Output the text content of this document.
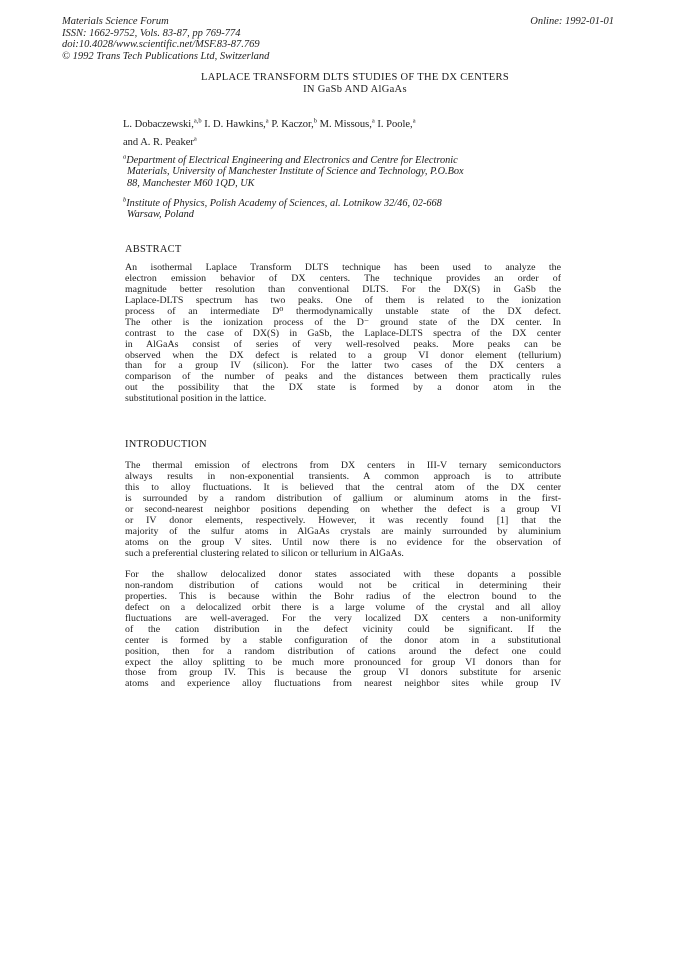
Materials Science Forum
ISSN: 1662-9752, Vols. 83-87, pp 769-774
doi:10.4028/www.scientific.net/MSF.83-87.769
© 1992 Trans Tech Publications Ltd, Switzerland
Online: 1992-01-01
LAPLACE TRANSFORM DLTS STUDIES OF THE DX CENTERS
IN GaSb AND AlGaAs
L. Dobaczewski,$^{a,b}$ I. D. Hawkins,$^a$ P. Kaczor,$^b$ M. Missous,$^a$ I. Poole,$^a$
and A. R. Peaker$^a$
$^a$Department of Electrical Engineering and Electronics and Centre for Electronic
Materials, University of Manchester Institute of Science and Technology, P.O.Box
88, Manchester M60 1QD, UK
$^b$Institute of Physics, Polish Academy of Sciences, al. Lotnikow 32/46, 02-668
Warsaw, Poland
ABSTRACT
An isothermal Laplace Transform DLTS technique has been used to analyze the
electron emission behavior of DX centers. The technique provides an order of
magnitude better resolution than conventional DLTS. For the DX(S) in GaSb the
Laplace-DLTS spectrum has two peaks. One of them is related to the ionization
process of an intermediate D⁰ thermodynamically unstable state of the DX defect.
The other is the ionization process of the D⁻ ground state of the DX center. In
contrast to the case of DX(S) in GaSb, the Laplace-DLTS spectra of the DX center
in AlGaAs consist of series of very well-resolved peaks. More peaks can be
observed when the DX defect is related to a group VI donor element (tellurium)
than for a group IV (silicon). For the latter two cases of the DX centers a
comparison of the number of peaks and the distances between them practically rules
out the possibility that the DX state is formed by a donor atom in the
substitutional position in the lattice.
INTRODUCTION
The thermal emission of electrons from DX centers in III-V ternary semiconductors
always results in non-exponential transients. A common approach is to attribute
this to alloy fluctuations. It is believed that the central atom of the DX center
is surrounded by a random distribution of gallium or aluminum atoms in the first-
or second-nearest neighbor positions depending on whether the defect is a group VI
or IV donor elements, respectively. However, it was recently found [1] that the
majority of the sulfur atoms in AlGaAs crystals are mainly surrounded by aluminium
atoms on the group V sites. Until now there is no evidence for the observation of
such a preferential clustering related to silicon or tellurium in AlGaAs.
For the shallow delocalized donor states associated with these dopants a possible
non-random distribution of cations would not be critical in determining their
properties. This is because within the Bohr radius of the electron bound to the
defect on a delocalized orbit there is a large volume of the crystal and all alloy
fluctuations are well-averaged. For the very localized DX centers a non-uniformity
of the cation distribution in the defect vicinity could be significant. If the
center is formed by a stable configuration of the donor atom in a substitutional
position, then for a random distribution of cations around the defect one could
expect the alloy splitting to be much more pronounced for group VI donors than for
those from group IV. This is because the group VI donors substitute for arsenic
atoms and experience alloy fluctuations from nearest neighbor sites while group IV
